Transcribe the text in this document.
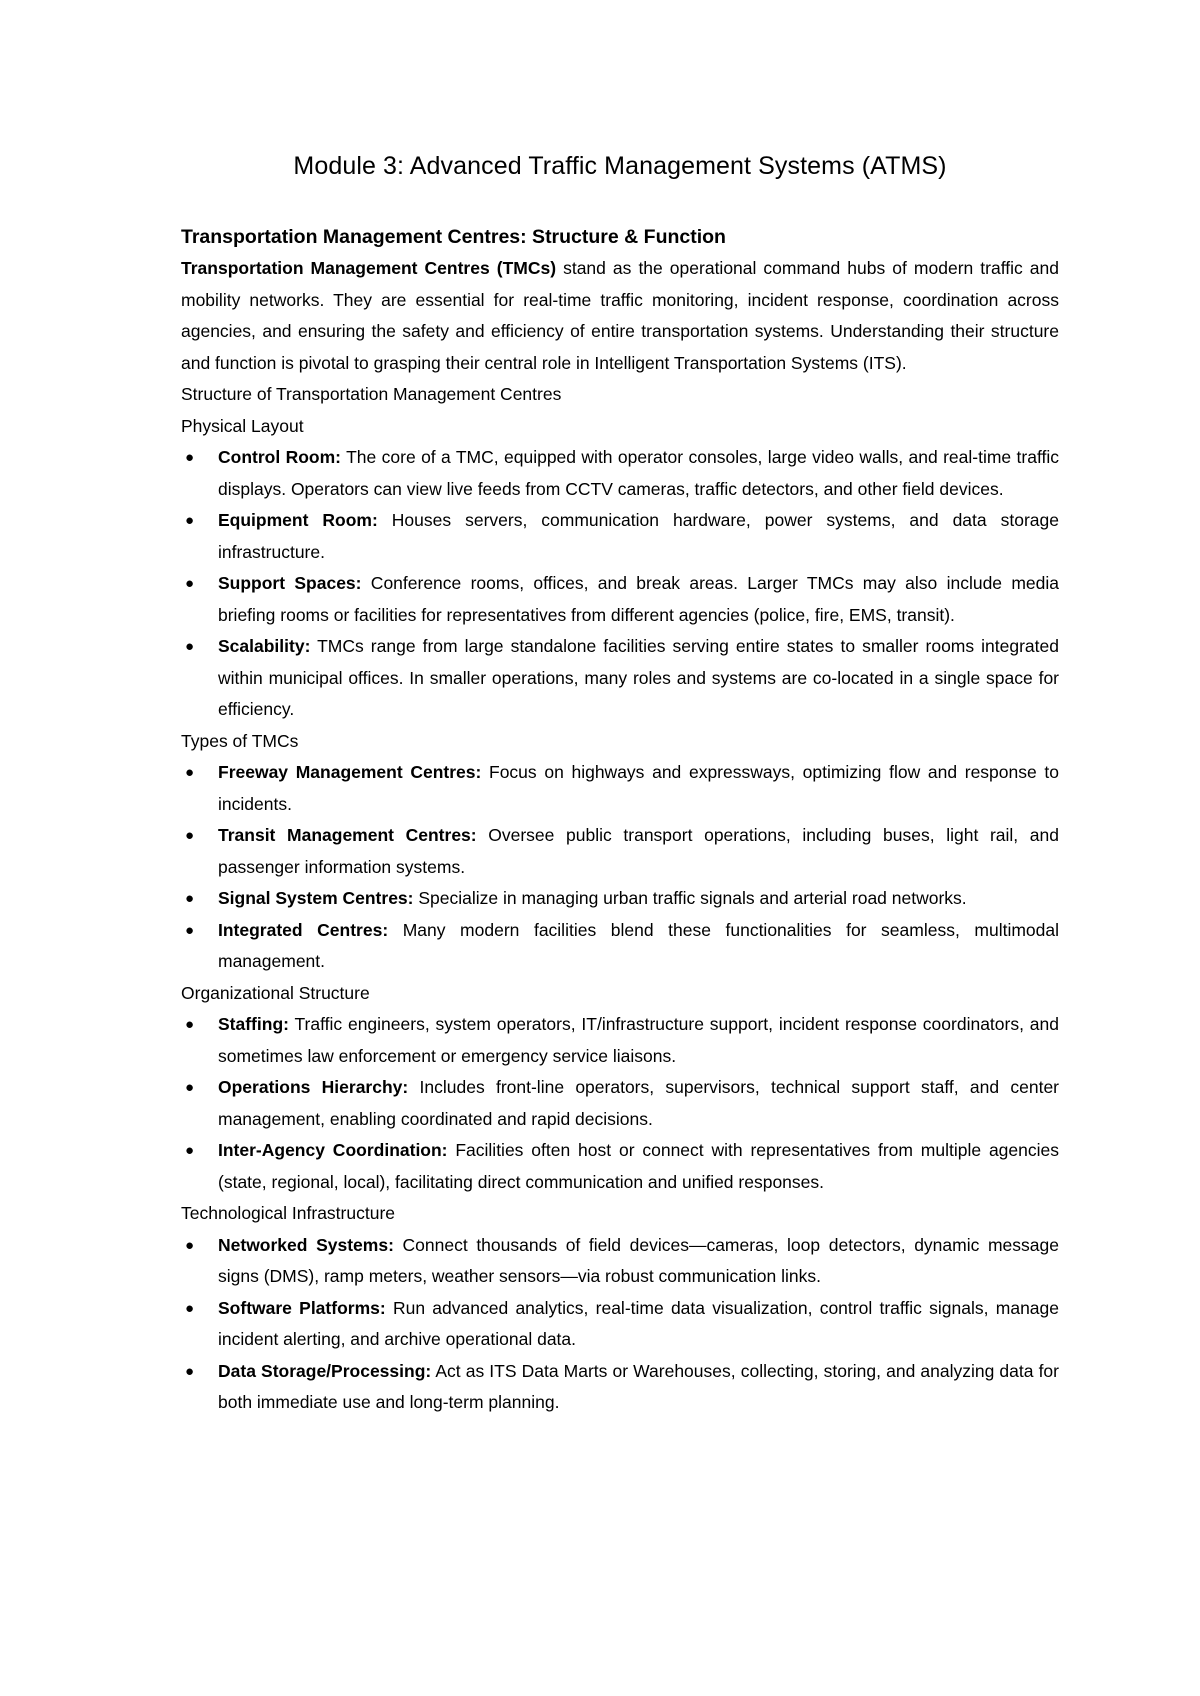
Module 3: Advanced Traffic Management Systems (ATMS)
Transportation Management Centres: Structure & Function

Transportation Management Centres (TMCs) stand as the operational command hubs of modern traffic and mobility networks. They are essential for real-time traffic monitoring, incident response, coordination across agencies, and ensuring the safety and efficiency of entire transportation systems. Understanding their structure and function is pivotal to grasping their central role in Intelligent Transportation Systems (ITS).

Structure of Transportation Management Centres

Physical Layout

● Control Room: The core of a TMC, equipped with operator consoles, large video walls, and real-time traffic displays. Operators can view live feeds from CCTV cameras, traffic detectors, and other field devices.
● Equipment Room: Houses servers, communication hardware, power systems, and data storage infrastructure.
● Support Spaces: Conference rooms, offices, and break areas. Larger TMCs may also include media briefing rooms or facilities for representatives from different agencies (police, fire, EMS, transit).
● Scalability: TMCs range from large standalone facilities serving entire states to smaller rooms integrated within municipal offices. In smaller operations, many roles and systems are co-located in a single space for efficiency.

Types of TMCs

● Freeway Management Centres: Focus on highways and expressways, optimizing flow and response to incidents.
● Transit Management Centres: Oversee public transport operations, including buses, light rail, and passenger information systems.
● Signal System Centres: Specialize in managing urban traffic signals and arterial road networks.
● Integrated Centres: Many modern facilities blend these functionalities for seamless, multimodal management.

Organizational Structure

● Staffing: Traffic engineers, system operators, IT/infrastructure support, incident response coordinators, and sometimes law enforcement or emergency service liaisons.
● Operations Hierarchy: Includes front-line operators, supervisors, technical support staff, and center management, enabling coordinated and rapid decisions.
● Inter-Agency Coordination: Facilities often host or connect with representatives from multiple agencies (state, regional, local), facilitating direct communication and unified responses.

Technological Infrastructure

● Networked Systems: Connect thousands of field devices—cameras, loop detectors, dynamic message signs (DMS), ramp meters, weather sensors—via robust communication links.
● Software Platforms: Run advanced analytics, real-time data visualization, control traffic signals, manage incident alerting, and archive operational data.
● Data Storage/Processing: Act as ITS Data Marts or Warehouses, collecting, storing, and analyzing data for both immediate use and long-term planning.
